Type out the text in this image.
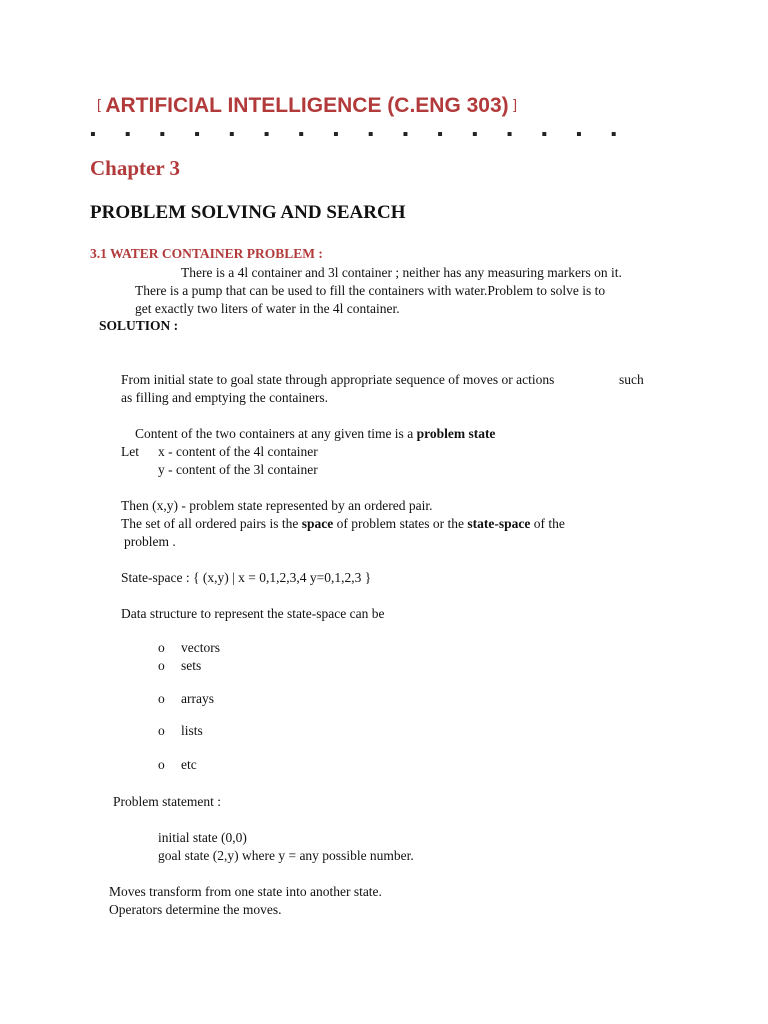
[ ARTIFICIAL INTELLIGENCE (C.ENG 303) ]
▪ ▪ ▪ ▪ ▪ ▪ ▪ ▪ ▪ ▪ ▪ ▪ ▪ ▪ ▪ ▪
Chapter 3
PROBLEM SOLVING AND SEARCH
3.1 WATER CONTAINER PROBLEM :
There is a 4l container and 3l container ; neither has any measuring markers on it.
There is a pump that can be used to fill the containers with water.Problem to solve is to
get exactly two liters of water in the 4l container.
SOLUTION :
From initial state to goal state through appropriate sequence of moves or actions	such
as filling and emptying the containers.
Content of the two containers at any given time is a problem state
Let x - content of the 4l container
y - content of the 3l container
Then (x,y) - problem state represented by an ordered pair.
The set of all ordered pairs is the space of problem states or the state-space of the
problem .
State-space : { (x,y) | x = 0,1,2,3,4 y=0,1,2,3 }
Data structure to represent the state-space can be
o vectors
o sets
o arrays
o lists
o etc
Problem statement :
initial state (0,0)
goal state (2,y) where y = any possible number.
Moves transform from one state into another state.
Operators determine the moves.
